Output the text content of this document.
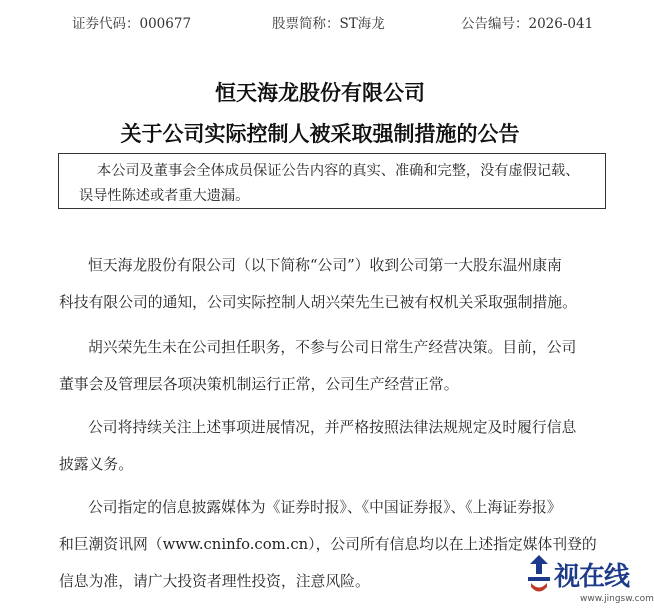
证券代码：000677	股票简称：ST海龙	公告编号：2026-041
恒天海龙股份有限公司
关于公司实际控制人被采取强制措施的公告

本公司及董事会全体成员保证公告内容的真实、准确和完整，没有虚假记载、

误导性陈述或者重大遗漏。

恒天海龙股份有限公司（以下简称“公司”）收到公司第一大股东温州康南
科技有限公司的通知，公司实际控制人胡兴荣先生已被有权机关采取强制措施。
胡兴荣先生未在公司担任职务，不参与公司日常生产经营决策。目前，公司
董事会及管理层各项决策机制运行正常，公司生产经营正常。
公司将持续关注上述事项进展情况，并严格按照法律法规规定及时履行信息
披露义务。
公司指定的信息披露媒体为《证券时报》、《中国证券报》、《上海证券报》
和巨潮资讯网（www.cninfo.com.cn），公司所有信息均以在上述指定媒体刊登的
信息为准，请广大投资者理性投资，注意风险。	视在线
www.jingsw.com
